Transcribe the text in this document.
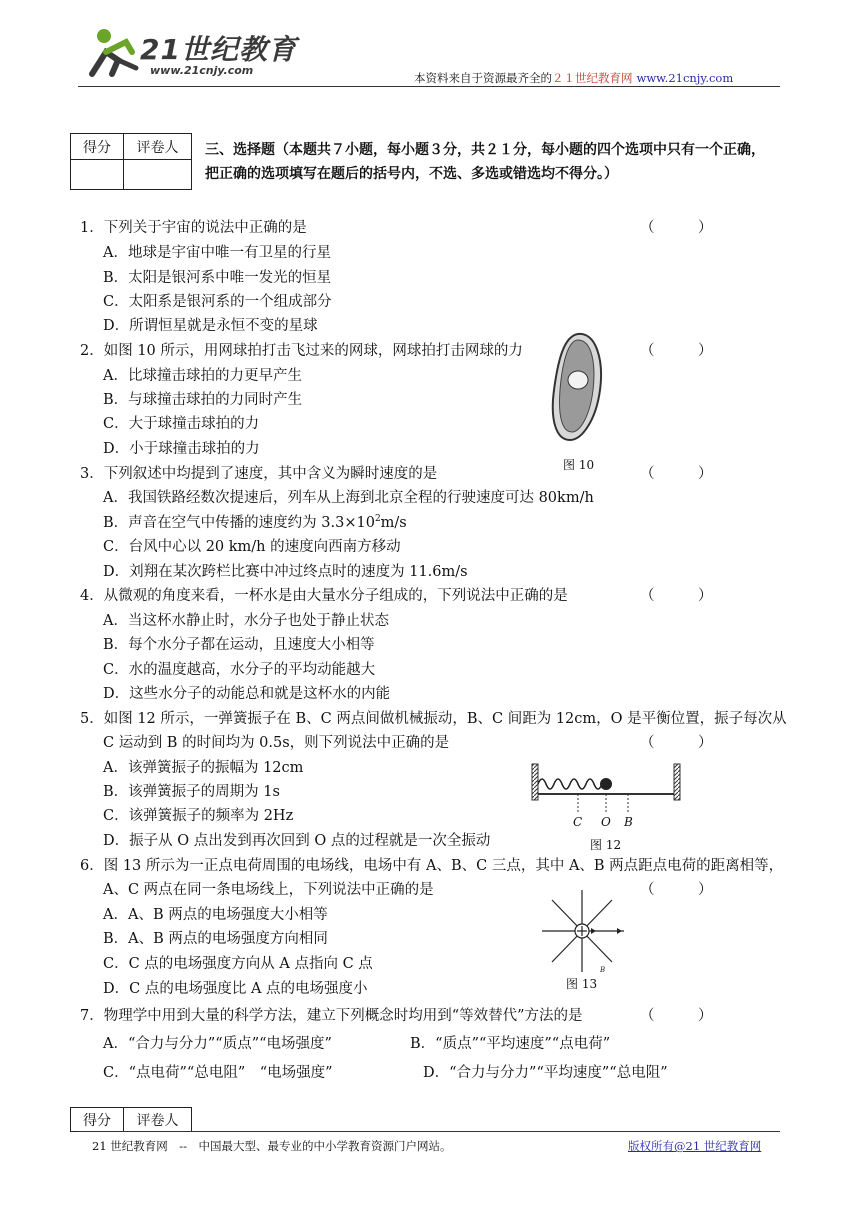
21世纪教育
www.21cnjy.com
本资料来自于资源最齐全的２１世纪教育网 www.21cnjy.com
得分	评卷人
	三、选择题（本题共７小题，每小题３分，共２１分，每小题的四个选项中只有一个正确，
把正确的选项填写在题后的括号内，不选、多选或错选均不得分。）
1．下列关于宇宙的说法中正确的是	（　　　）
A．地球是宇宙中唯一有卫星的行星
B．太阳是银河系中唯一发光的恒星
C．太阳系是银河系的一个组成部分
D．所谓恒星就是永恒不变的星球
2．如图 10 所示，用网球拍打击飞过来的网球，网球拍打击网球的力	（　　　）
A．比球撞击球拍的力更早产生
B．与球撞击球拍的力同时产生
C．大于球撞击球拍的力
D．小于球撞击球拍的力
图 10
3．下列叙述中均提到了速度，其中含义为瞬时速度的是	（　　　）
A．我国铁路经数次提速后，列车从上海到北京全程的行驶速度可达 80km/h
B．声音在空气中传播的速度约为 $3.3\times 10^2m/s$
C．台风中心以 20 km/h 的速度向西南方移动
D．刘翔在某次跨栏比赛中冲过终点时的速度为 11.6m/s
4．从微观的角度来看，一杯水是由大量水分子组成的，下列说法中正确的是	（　　　）
A．当这杯水静止时，水分子也处于静止状态
B．每个水分子都在运动，且速度大小相等
C．水的温度越高，水分子的平均动能越大
D．这些水分子的动能总和就是这杯水的内能
5．如图 12 所示，一弹簧振子在 B、C 两点间做机械振动，B、C 间距为 12cm，O 是平衡位置，振子每次从
C 运动到 B 的时间均为 0.5s，则下列说法中正确的是	（　　　）
A．该弹簧振子的振幅为 12cm
B．该弹簧振子的周期为 1s
C．该弹簧振子的频率为 2Hz
D．振子从 O 点出发到再次回到 O 点的过程就是一次全振动
C O B
图 12
6．图 13 所示为一正点电荷周围的电场线，电场中有 A、B、C 三点，其中 A、B 两点距点电荷的距离相等，
A、C 两点在同一条电场线上，下列说法中正确的是	（　　　）
A．A、B 两点的电场强度大小相等
B．A、B 两点的电场强度方向相同
C．C 点的电场强度方向从 A 点指向 C 点
D．C 点的电场强度比 A 点的电场强度小
B
图 13
7．物理学中用到大量的科学方法，建立下列概念时均用到“等效替代”方法的是	（　　　）
A．“合力与分力”“质点”“电场强度”	B．“质点”“平均速度”“点电荷”
C．“点电荷”“总电阻”　“电场强度”	D．“合力与分力”“平均速度”“总电阻”
得分	评卷人
21 世纪教育网　--　中国最大型、最专业的中小学教育资源门户网站。	版权所有@21 世纪教育网
